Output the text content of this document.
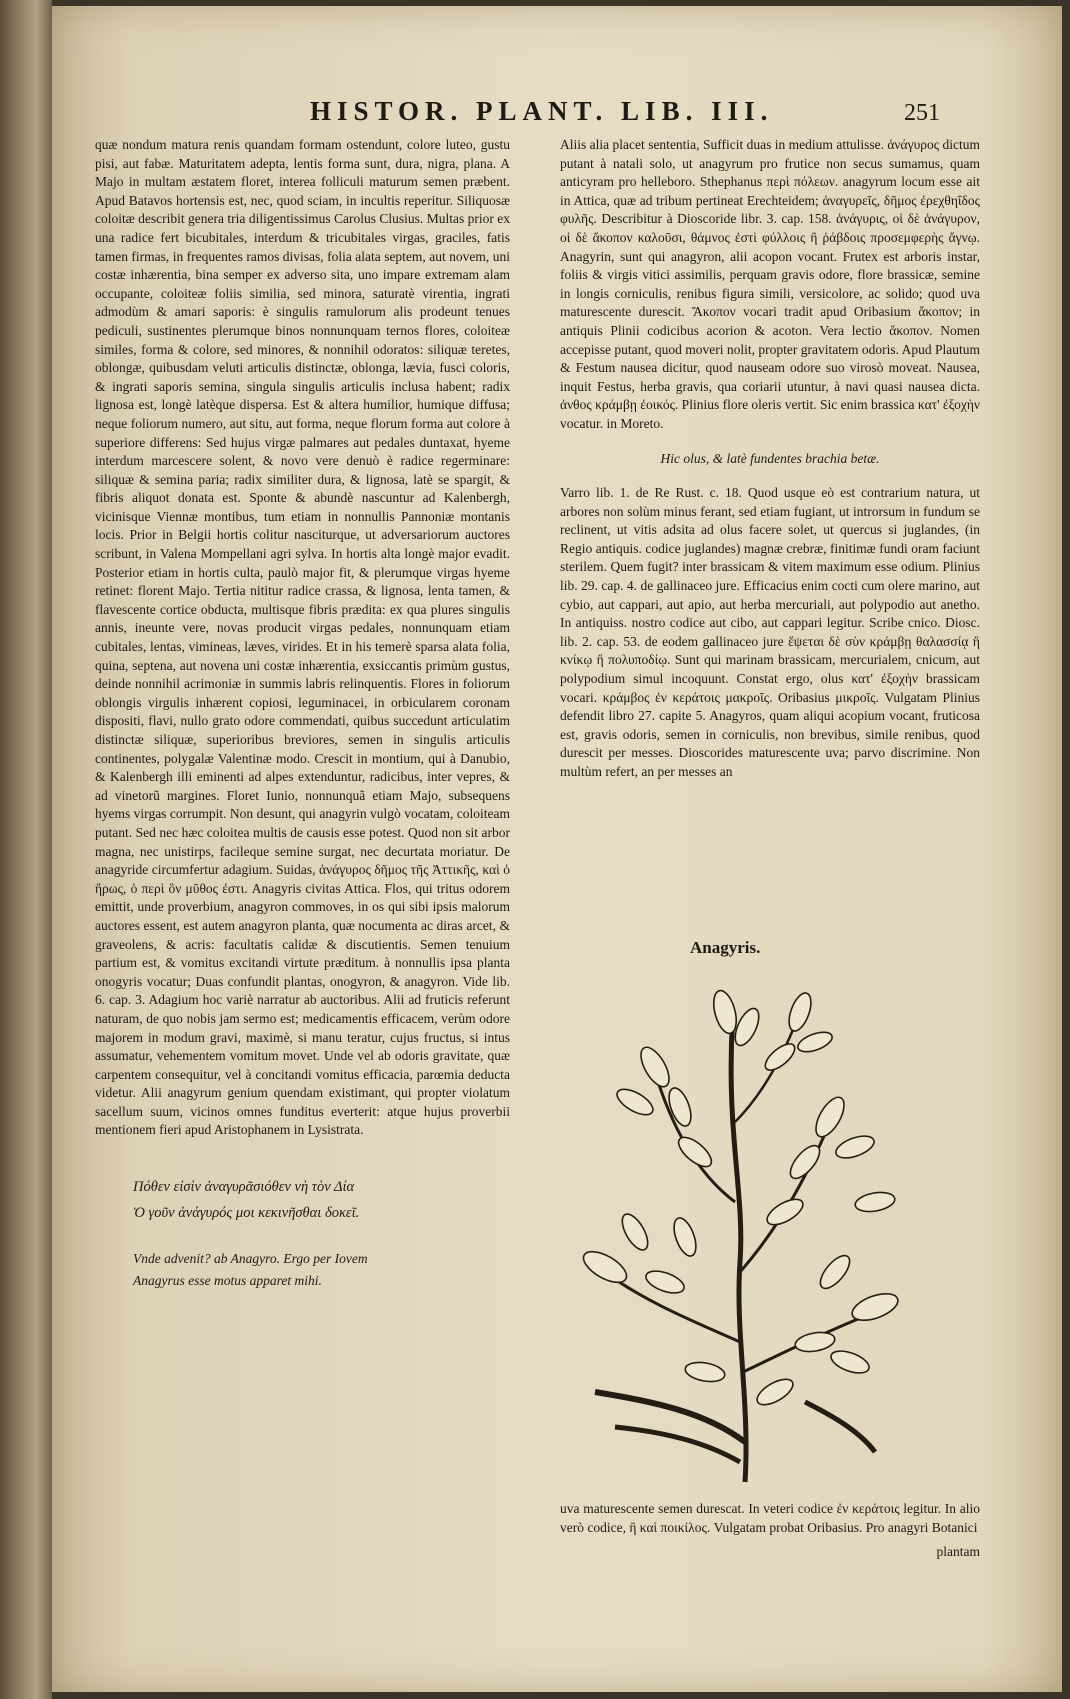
HISTOR. PLANT. LIB. III.	251

quæ nondum matura renis quandam formam ostendunt, colore luteo, gustu pisi, aut fabæ. Maturitatem adepta, lentis forma sunt, dura, nigra, plana. A Majo in multam æstatem floret, interea folliculi maturum semen præbent. Apud Batavos hortensis est, nec, quod sciam, in incultis reperitur. Siliquosæ coloitæ describit genera tria diligentissimus Carolus Clusius. Multas prior ex una radice fert bicubitales, interdum & tricubitales virgas, graciles, fatis tamen firmas, in frequentes ramos divisas, folia alata septem, aut novem, uni costæ inhærentia, bina semper ex adverso sita, uno impare extremam alam occupante, coloiteæ foliis similia, sed minora, saturatè virentia, ingrati admodùm & amari saporis: è singulis ramulorum alis prodeunt tenues pediculi, sustinentes plerumque binos nonnunquam ternos flores, coloiteæ similes, forma & colore, sed minores, & nonnihil odoratos: siliquæ teretes, oblongæ, quibusdam veluti articulis distinctæ, oblonga, lævia, fusci coloris, & ingrati saporis semina, singula singulis articulis inclusa habent; radix lignosa est, longè latèque dispersa. Est & altera humilior, humique diffusa; neque foliorum numero, aut situ, aut forma, neque florum forma aut colore à superiore differens: Sed hujus virgæ palmares aut pedales duntaxat, hyeme interdum marcescere solent, & novo vere denuò è radice regerminare: siliquæ & semina paria; radix similiter dura, & lignosa, latè se spargit, & fibris aliquot donata est. Sponte & abundè nascuntur ad Kalenbergh, vicinisque Viennæ montibus, tum etiam in nonnullis Pannoniæ montanis locis. Prior in Belgii hortis colitur nasciturque, ut adversariorum auctores scribunt, in Valena Mompellani agri sylva. In hortis alta longè major evadit. Posterior etiam in hortis culta, paulò major fit, & plerumque virgas hyeme retinet: florent Majo. Tertia nititur radice crassa, & lignosa, lenta tamen, & flavescente cortice obducta, multisque fibris prædita: ex qua plures singulis annis, ineunte vere, novas producit virgas pedales, nonnunquam etiam cubitales, lentas, vimineas, læves, virides. Et in his temerè sparsa alata folia, quina, septena, aut novena uni costæ inhærentia, exsiccantis primùm gustus, deinde nonnihil acrimoniæ in summis labris relinquentis. Flores in foliorum oblongis virgulis inhærent copiosi, leguminacei, in orbicularem coronam dispositi, flavi, nullo grato odore commendati, quibus succedunt articulatim distinctæ siliquæ, superioribus breviores, semen in singulis articulis continentes, polygalæ Valentinæ modo. Crescit in montium, qui à Danubio, & Kalenbergh illi eminenti ad alpes extenduntur, radicibus, inter vepres, & ad vinetorũ margines. Floret Iunio, nonnunquã etiam Majo, subsequens hyems virgas corrumpit. Non desunt, qui anagyrin vulgò vocatam, coloiteam putant. Sed nec hæc coloitea multis de causis esse potest. Quod non sit arbor magna, nec unistirps, facileque semine surgat, nec decurtata moriatur. De anagyride circumfertur adagium. Suidas, ἀνάγυρος δῆμος τῆς Ἀττικῆς, καὶ ὁ ἥρως, ὁ περὶ ὃν μῦθος ἐστι. Anagyris civitas Attica. Flos, qui tritus odorem emittit, unde proverbium, anagyron commoves, in os qui sibi ipsis malorum auctores essent, est autem anagyron planta, quæ nocumenta ac diras arcet, & graveolens, & acris: facultatis calidæ & discutientis. Semen tenuium partium est, & vomitus excitandi virtute præditum. à nonnullis ipsa planta onogyris vocatur; Duas confundit plantas, onogyron, & anagyron. Vide lib. 6. cap. 3. Adagium hoc variè narratur ab auctoribus. Alii ad fruticis referunt naturam, de quo nobis jam sermo est; medicamentis efficacem, verùm odore majorem in modum gravi, maximè, si manu teratur, cujus fructus, si intus assumatur, vehementem vomitum movet. Unde vel ab odoris gravitate, quæ carpentem consequitur, vel à concitandi vomitus efficacia, parœmia deducta videtur. Alii anagyrum genium quendam existimant, qui propter violatum sacellum suum, vicinos omnes funditus everterit: atque hujus proverbii mentionem fieri apud Aristophanem in Lysistrata.

Πόθεν εἰσὶν ἀναγυρᾶσιόθεν νὴ τὸν Δία
Ὁ γοῦν ἀνάγυρός μοι κεκινῆσθαι δοκεῖ.
Vnde advenit? ab Anagyro. Ergo per Iovem
Anagyrus esse motus apparet mihi.

Aliis alia placet sententia, Sufficit duas in medium attulisse. ἀνάγυρος dictum putant à natali solo, ut anagyrum pro frutice non secus sumamus, quam anticyram pro helleboro. Sthephanus περὶ πόλεων. anagyrum locum esse ait in Attica, quæ ad tribum pertineat Erechteidem; ἀναγυρεῖς, δῆμος ἐρεχθηΐδος φυλῆς. Describitur à Dioscoride libr. 3. cap. 158. ἀνάγυρις, οἱ δὲ ἀνάγυρον, οἱ δὲ ἄκοπον καλοῦσι, θάμνος ἐστὶ φύλλοις ἢ ῥάβδοις προσεμφερὴς ἄγνῳ. Anagyrin, sunt qui anagyron, alii acopon vocant. Frutex est arboris instar, foliis & virgis vitici assimilis, perquam gravis odore, flore brassicæ, semine in longis corniculis, renibus figura simili, versicolore, ac solido; quod uva maturescente durescit. Ἄκοπον vocari tradit apud Oribasium ἄκοπον; in antiquis Plinii codicibus acorion & acoton. Vera lectio ἄκοπον. Nomen accepisse putant, quod moveri nolit, propter gravitatem odoris. Apud Plautum & Festum nausea dicitur, quod nauseam odore suo virosò moveat. Nausea, inquit Festus, herba gravis, qua coriarii utuntur, à navi quasi nausea dicta. ἀνθος κράμβῃ ἐοικός. Plinius flore oleris vertit. Sic enim brassica κατ' ἐξοχὴν vocatur. in Moreto.

Hic olus, & latè fundentes brachia betæ.

Varro lib. 1. de Re Rust. c. 18. Quod usque eò est contrarium natura, ut arbores non solùm minus ferant, sed etiam fugiant, ut introrsum in fundum se reclinent, ut vitis adsita ad olus facere solet, ut quercus si juglandes, (in Regio antiquis. codice juglandes) magnæ crebræ, finitimæ fundi oram faciunt sterilem. Quem fugit? inter brassicam & vitem maximum esse odium. Plinius lib. 29. cap. 4. de gallinaceo jure. Efficacius enim cocti cum olere marino, aut cybio, aut cappari, aut apio, aut herba mercuriali, aut polypodio aut anetho. In antiquiss. nostro codice aut cibo, aut cappari legitur. Scribe cnico. Diosc. lib. 2. cap. 53. de eodem gallinaceo jure ἕψεται δὲ σὺν κράμβῃ θαλασσίᾳ ἢ κνίκῳ ἢ πολυποδίῳ. Sunt qui marinam brassicam, mercurialem, cnicum, aut polypodium simul incoquunt. Constat ergo, olus κατ' ἐξοχὴν brassicam vocari. κράμβος ἐν κεράτοις μακροῖς. Oribasius μικροῖς. Vulgatam Plinius defendit libro 27. capite 5. Anagyros, quam aliqui acopium vocant, fruticosa est, gravis odoris, semen in corniculis, non brevibus, simile renibus, quod durescit per messes. Dioscorides maturescente uva; parvo discrimine. Non multùm refert, an per messes an

Anagyris.

uva maturescente semen durescat. In veteri codice ἐν κεράτοις legitur. In alio verò codice, ἢ καὶ ποικίλος. Vulgatam probat Oribasius. Pro anagyri Botanici

plantam
